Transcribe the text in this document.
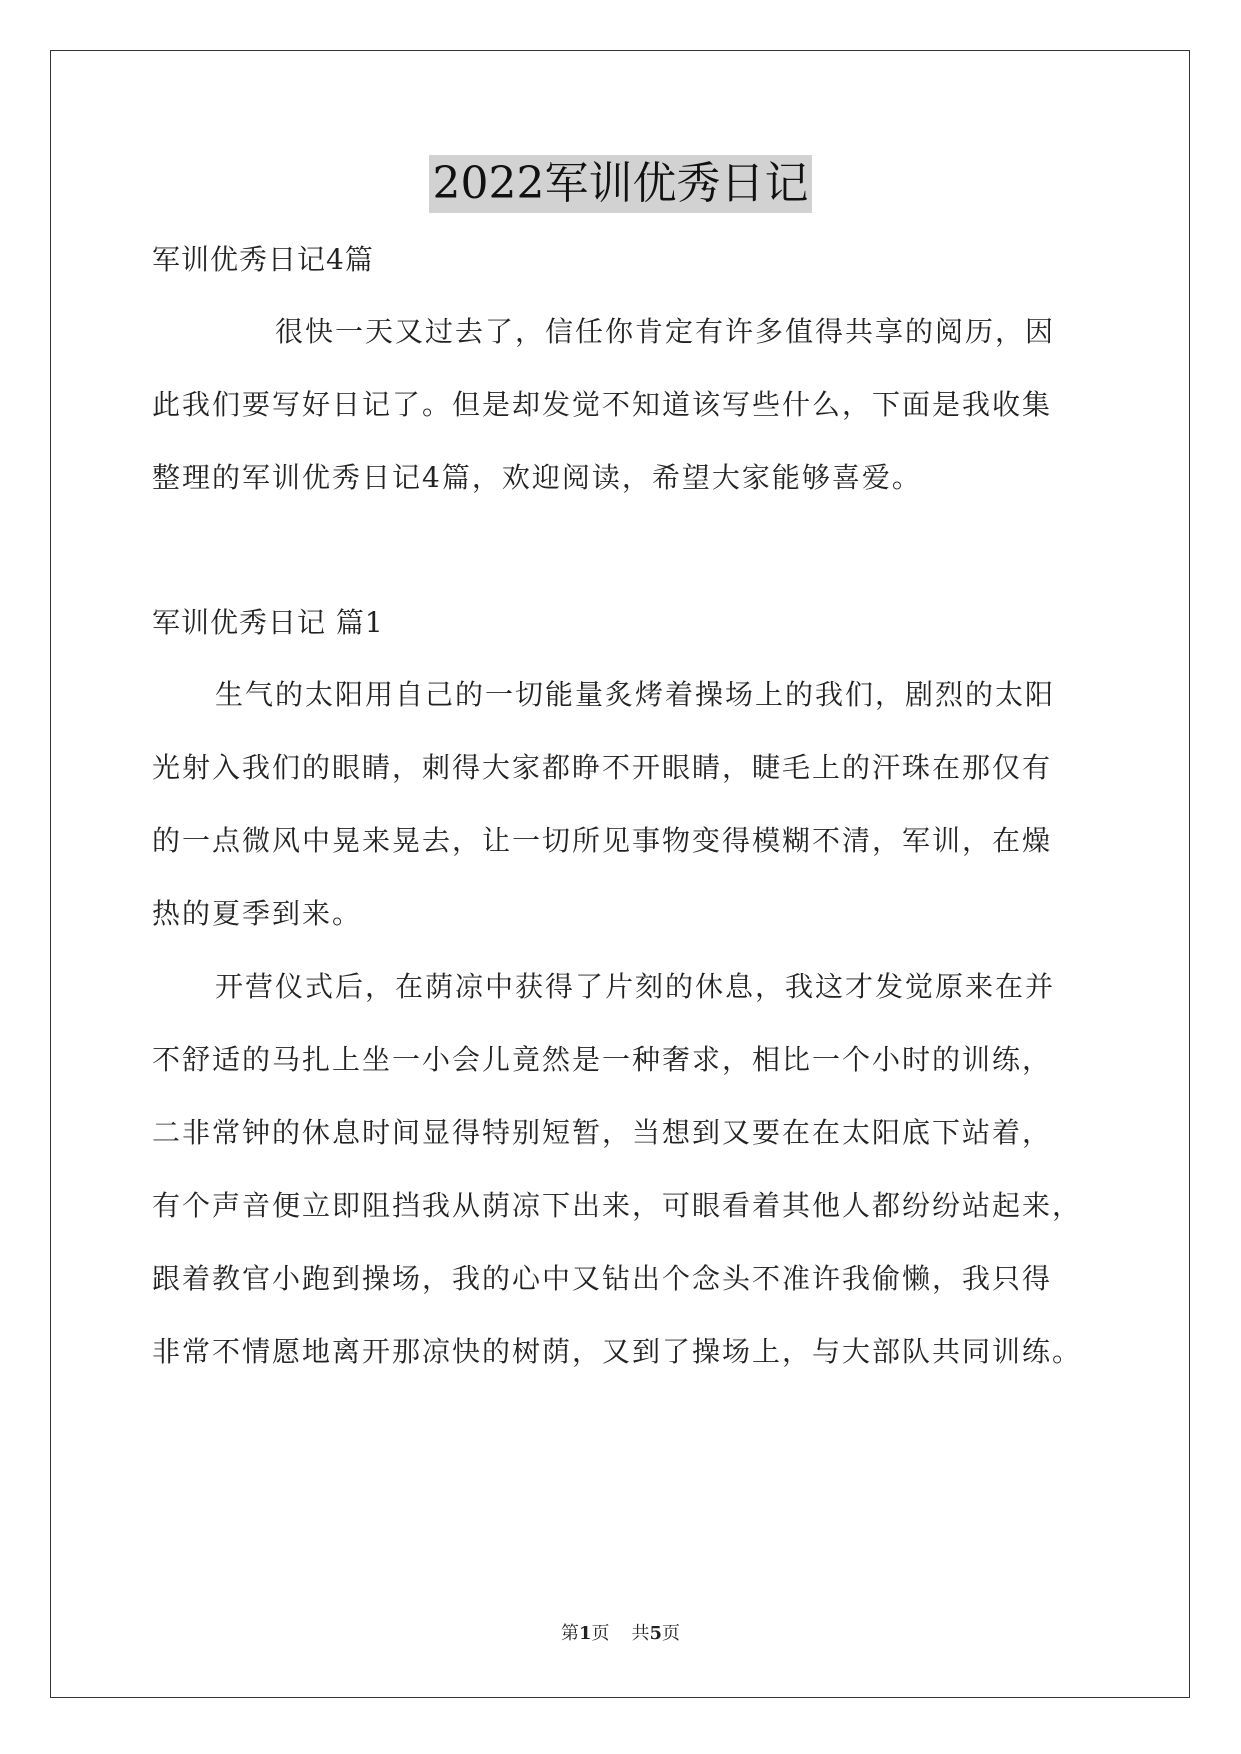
2022军训优秀日记

军训优秀日记4篇

很快一天又过去了，信任你肯定有许多值得共享的阅历，因

此我们要写好日记了。但是却发觉不知道该写些什么，下面是我收集

整理的军训优秀日记4篇，欢迎阅读，希望大家能够喜爱。

军训优秀日记 篇1

生气的太阳用自己的一切能量炙烤着操场上的我们，剧烈的太阳

光射入我们的眼睛，刺得大家都睁不开眼睛，睫毛上的汗珠在那仅有

的一点微风中晃来晃去，让一切所见事物变得模糊不清，军训，在燥

热的夏季到来。

开营仪式后，在荫凉中获得了片刻的休息，我这才发觉原来在并

不舒适的马扎上坐一小会儿竟然是一种奢求，相比一个小时的训练，

二非常钟的休息时间显得特别短暂，当想到又要在在太阳底下站着，

有个声音便立即阻挡我从荫凉下出来，可眼看着其他人都纷纷站起来，

跟着教官小跑到操场，我的心中又钻出个念头不准许我偷懒，我只得

非常不情愿地离开那凉快的树荫，又到了操场上，与大部队共同训练。

第1页 共5页
